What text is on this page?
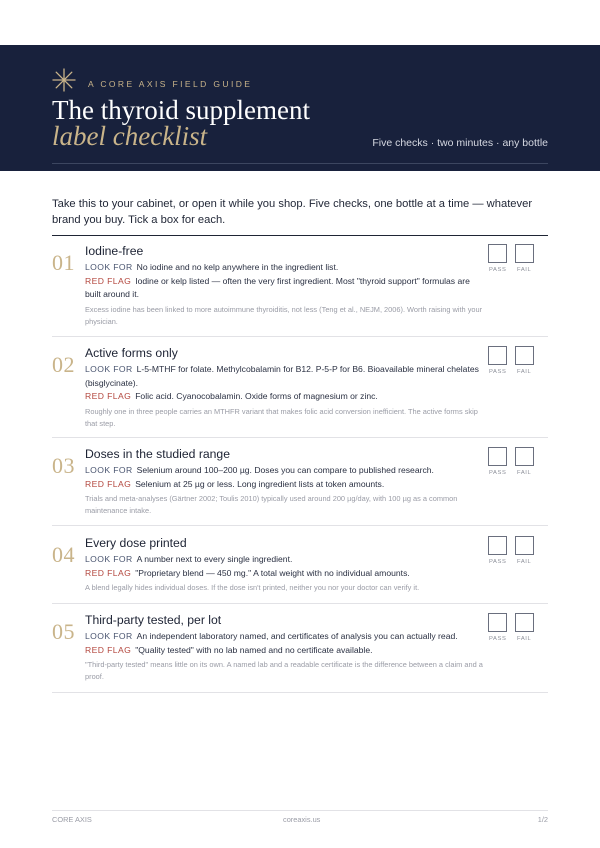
A CORE AXIS FIELD GUIDE
The thyroid supplement
label checklist	Five checks · two minutes · any bottle
Take this to your cabinet, or open it while you shop. Five checks, one bottle at a time — whatever brand you buy. Tick a box for each.
01 Iodine-free
LOOK FOR No iodine and no kelp anywhere in the ingredient list.
RED FLAG Iodine or kelp listed — often the very first ingredient. Most "thyroid support" formulas are built around it.
Excess iodine has been linked to more autoimmune thyroiditis, not less (Teng et al., NEJM, 2006). Worth raising with your physician.
PASS FAIL
02 Active forms only
LOOK FOR L-5-MTHF for folate. Methylcobalamin for B12. P-5-P for B6. Bioavailable mineral chelates (bisglycinate).
RED FLAG Folic acid. Cyanocobalamin. Oxide forms of magnesium or zinc.
Roughly one in three people carries an MTHFR variant that makes folic acid conversion inefficient. The active forms skip that step.
PASS FAIL
03 Doses in the studied range
LOOK FOR Selenium around 100–200 µg. Doses you can compare to published research.
RED FLAG Selenium at 25 µg or less. Long ingredient lists at token amounts.
Trials and meta-analyses (Gärtner 2002; Toulis 2010) typically used around 200 µg/day, with 100 µg as a common maintenance intake.
PASS FAIL
04 Every dose printed
LOOK FOR A number next to every single ingredient.
RED FLAG "Proprietary blend — 450 mg." A total weight with no individual amounts.
A blend legally hides individual doses. If the dose isn't printed, neither you nor your doctor can verify it.
PASS FAIL
05 Third-party tested, per lot
LOOK FOR An independent laboratory named, and certificates of analysis you can actually read.
RED FLAG "Quality tested" with no lab named and no certificate available.
"Third-party tested" means little on its own. A named lab and a readable certificate is the difference between a claim and a proof.
PASS FAIL
CORE AXIS	coreaxis.us	1/2
